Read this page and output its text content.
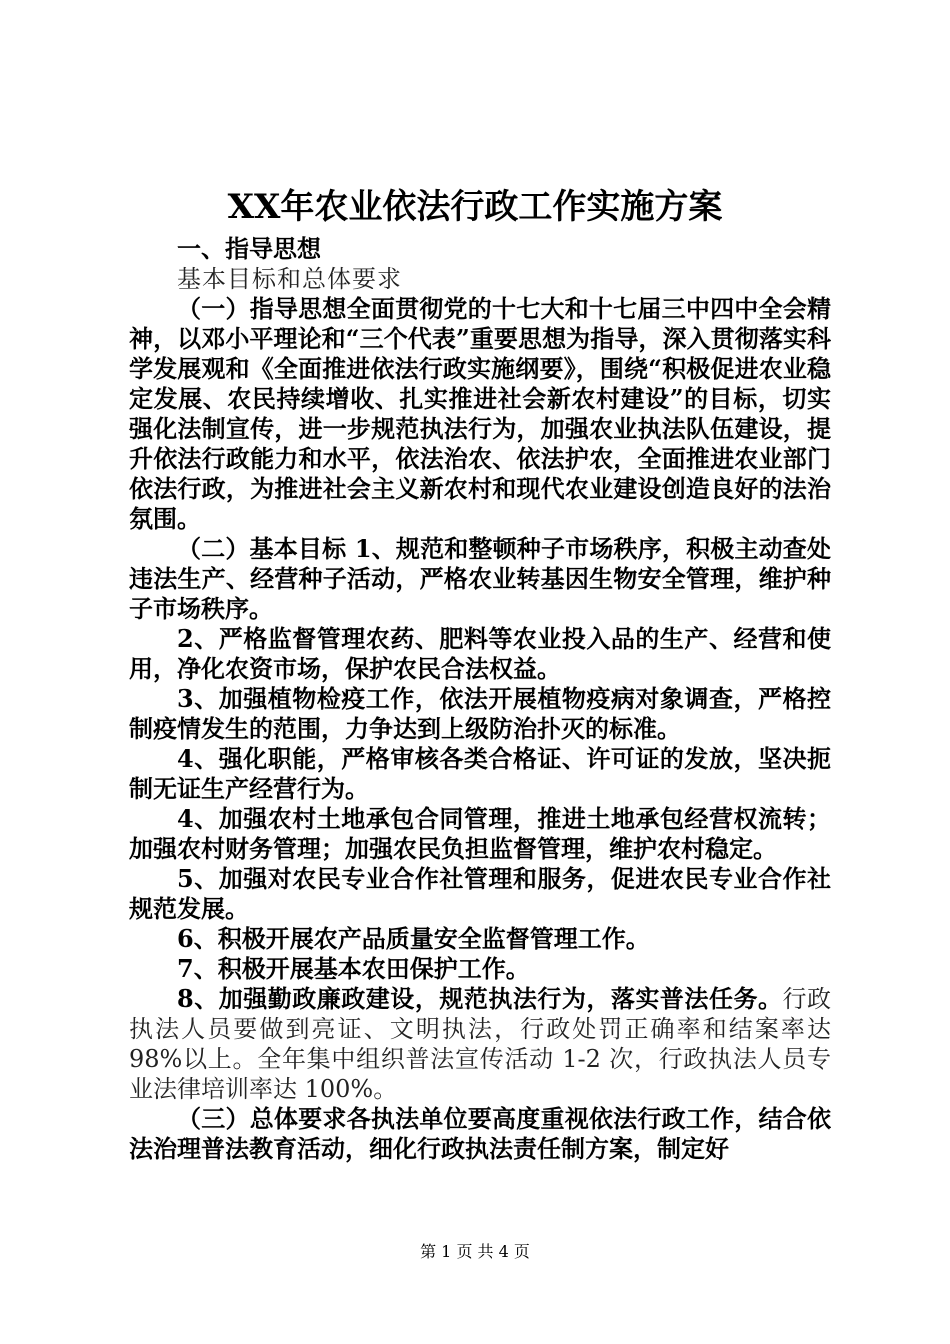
XX年农业依法行政工作实施方案

一、指导思想

基本目标和总体要求

（一）指导思想全面贯彻党的十七大和十七届三中四中全会精神，以邓小平理论和“三个代表”重要思想为指导，深入贯彻落实科学发展观和《全面推进依法行政实施纲要》，围绕“积极促进农业稳定发展、农民持续增收、扎实推进社会新农村建设”的目标，切实强化法制宣传，进一步规范执法行为，加强农业执法队伍建设，提升依法行政能力和水平，依法治农、依法护农，全面推进农业部门依法行政，为推进社会主义新农村和现代农业建设创造良好的法治氛围。

（二）基本目标 1、规范和整顿种子市场秩序，积极主动查处违法生产、经营种子活动，严格农业转基因生物安全管理，维护种子市场秩序。

2、严格监督管理农药、肥料等农业投入品的生产、经营和使用，净化农资市场，保护农民合法权益。

3、加强植物检疫工作，依法开展植物疫病对象调查，严格控制疫情发生的范围，力争达到上级防治扑灭的标准。

4、强化职能，严格审核各类合格证、许可证的发放，坚决扼制无证生产经营行为。

4、加强农村土地承包合同管理，推进土地承包经营权流转；加强农村财务管理；加强农民负担监督管理，维护农村稳定。

5、加强对农民专业合作社管理和服务，促进农民专业合作社规范发展。

6、积极开展农产品质量安全监督管理工作。

7、积极开展基本农田保护工作。

8、加强勤政廉政建设，规范执法行为，落实普法任务。行政执法人员要做到亮证、文明执法，行政处罚正确率和结案率达 98%以上。全年集中组织普法宣传活动 1-2 次，行政执法人员专业法律培训率达 100%。

（三）总体要求各执法单位要高度重视依法行政工作，结合依法治理普法教育活动，细化行政执法责任制方案，制定好

第 1 页 共 4 页
